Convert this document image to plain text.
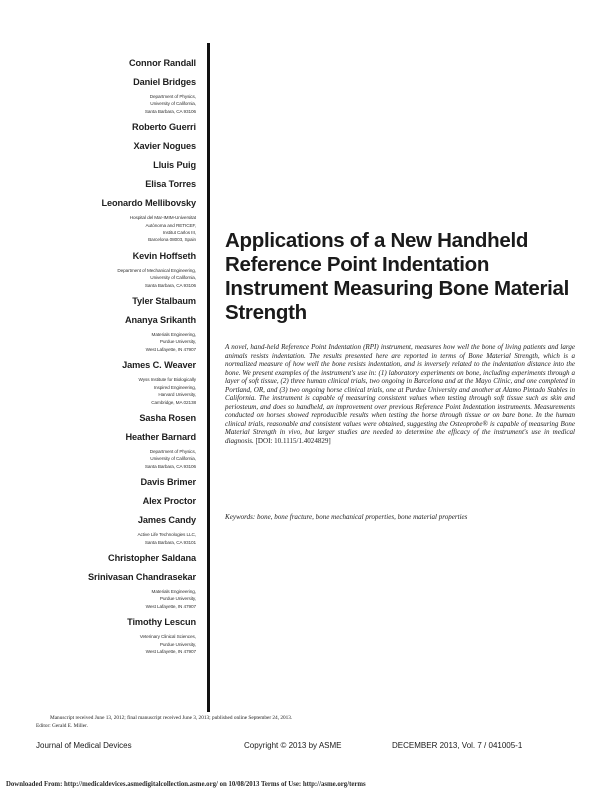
Connor Randall
Daniel Bridges
Department of Physics,
University of California,
Santa Barbara, CA 93106
Roberto Guerri
Xavier Nogues
Lluis Puig
Elisa Torres
Leonardo Mellibovsky
Hospital del Mar-IMIM-Universitat
Autònoma and RETICEF,
Institut Carlos III,
Barcelona 08003, Spain
Kevin Hoffseth
Department of Mechanical Engineering,
University of California,
Santa Barbara, CA 93106
Tyler Stalbaum
Ananya Srikanth
Materials Engineering,
Purdue University,
West Lafayette, IN 47907
James C. Weaver
Wyss Institute for Biologically
Inspired Engineering,
Harvard University,
Cambridge, MA 02138
Sasha Rosen
Heather Barnard
Department of Physics,
University of California,
Santa Barbara, CA 93106
Davis Brimer
Alex Proctor
James Candy
Active Life Technologies LLC,
Santa Barbara, CA 93101
Christopher Saldana
Srinivasan Chandrasekar
Materials Engineering,
Purdue University,
West Lafayette, IN 47907
Timothy Lescun
Veterinary Clinical Sciences,
Purdue University,
West Lafayette, IN 47907
Applications of a New Handheld Reference Point Indentation Instrument Measuring Bone Material Strength
A novel, hand-held Reference Point Indentation (RPI) instrument, measures how well the bone of living patients and large animals resists indentation. The results presented here are reported in terms of Bone Material Strength, which is a normalized measure of how well the bone resists indentation, and is inversely related to the indentation distance into the bone. We present examples of the instrument's use in: (1) laboratory experiments on bone, including experiments through a layer of soft tissue, (2) three human clinical trials, two ongoing in Barcelona and at the Mayo Clinic, and one completed in Portland, OR, and (3) two ongoing horse clinical trials, one at Purdue University and another at Alamo Pintado Stables in California. The instrument is capable of measuring consistent values when testing through soft tissue such as skin and periosteum, and does so handheld, an improvement over previous Reference Point Indentation instruments. Measurements conducted on horses showed reproducible results when testing the horse through tissue or on bare bone. In the human clinical trials, reasonable and consistent values were obtained, suggesting the Osteoprobe® is capable of measuring Bone Material Strength in vivo, but larger studies are needed to determine the efficacy of the instrument's use in medical diagnosis. [DOI: 10.1115/1.4024829]
Keywords: bone, bone fracture, bone mechanical properties, bone material properties
Manuscript received June 13, 2012; final manuscript received June 3, 2013; published online September 24, 2013. Editor: Gerald E. Miller.
Journal of Medical Devices	Copyright © 2013 by ASME	DECEMBER 2013, Vol. 7 / 041005-1
Downloaded From: http://medicaldevices.asmedigitalcollection.asme.org/ on 10/08/2013 Terms of Use: http://asme.org/terms
